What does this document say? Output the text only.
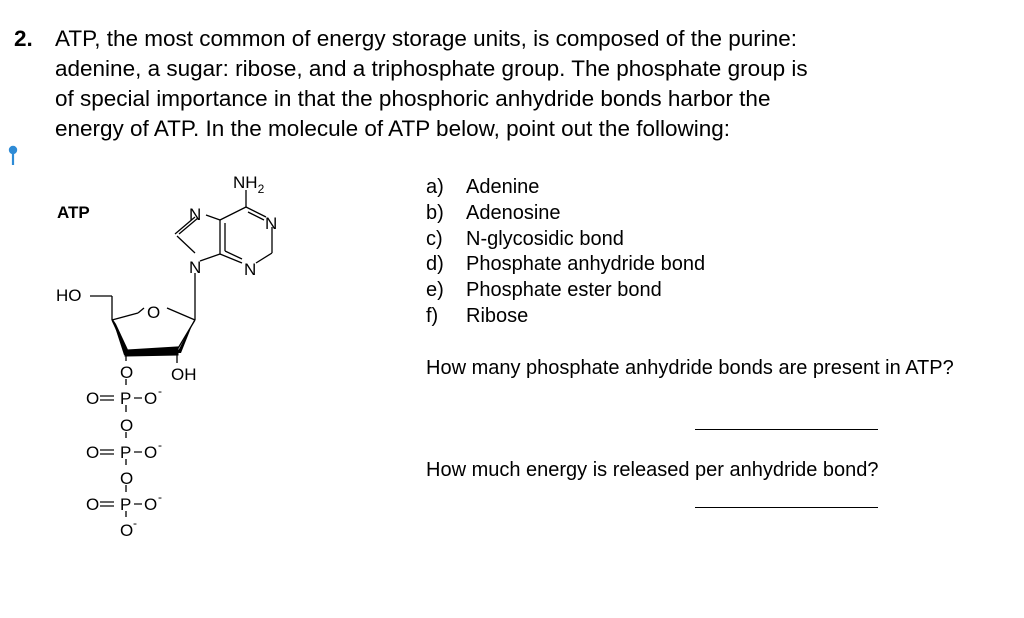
2. ATP, the most common of energy storage units, is composed of the purine:
adenine, a sugar: ribose, and a triphosphate group. The phosphate group is
of special importance in that the phosphoric anhydride bonds harbor the
energy of ATP. In the molecule of ATP below, point out the following:
$NH_2$
N	N
N	N
O
HO
OH
O
O P O -
O
O P O -
O
O P O -
O -
ATP
a) Adenine
b) Adenosine
c) N-glycosidic bond
d) Phosphate anhydride bond
e) Phosphate ester bond
f) Ribose
How many phosphate anhydride bonds are present in ATP?
How much energy is released per anhydride bond?
